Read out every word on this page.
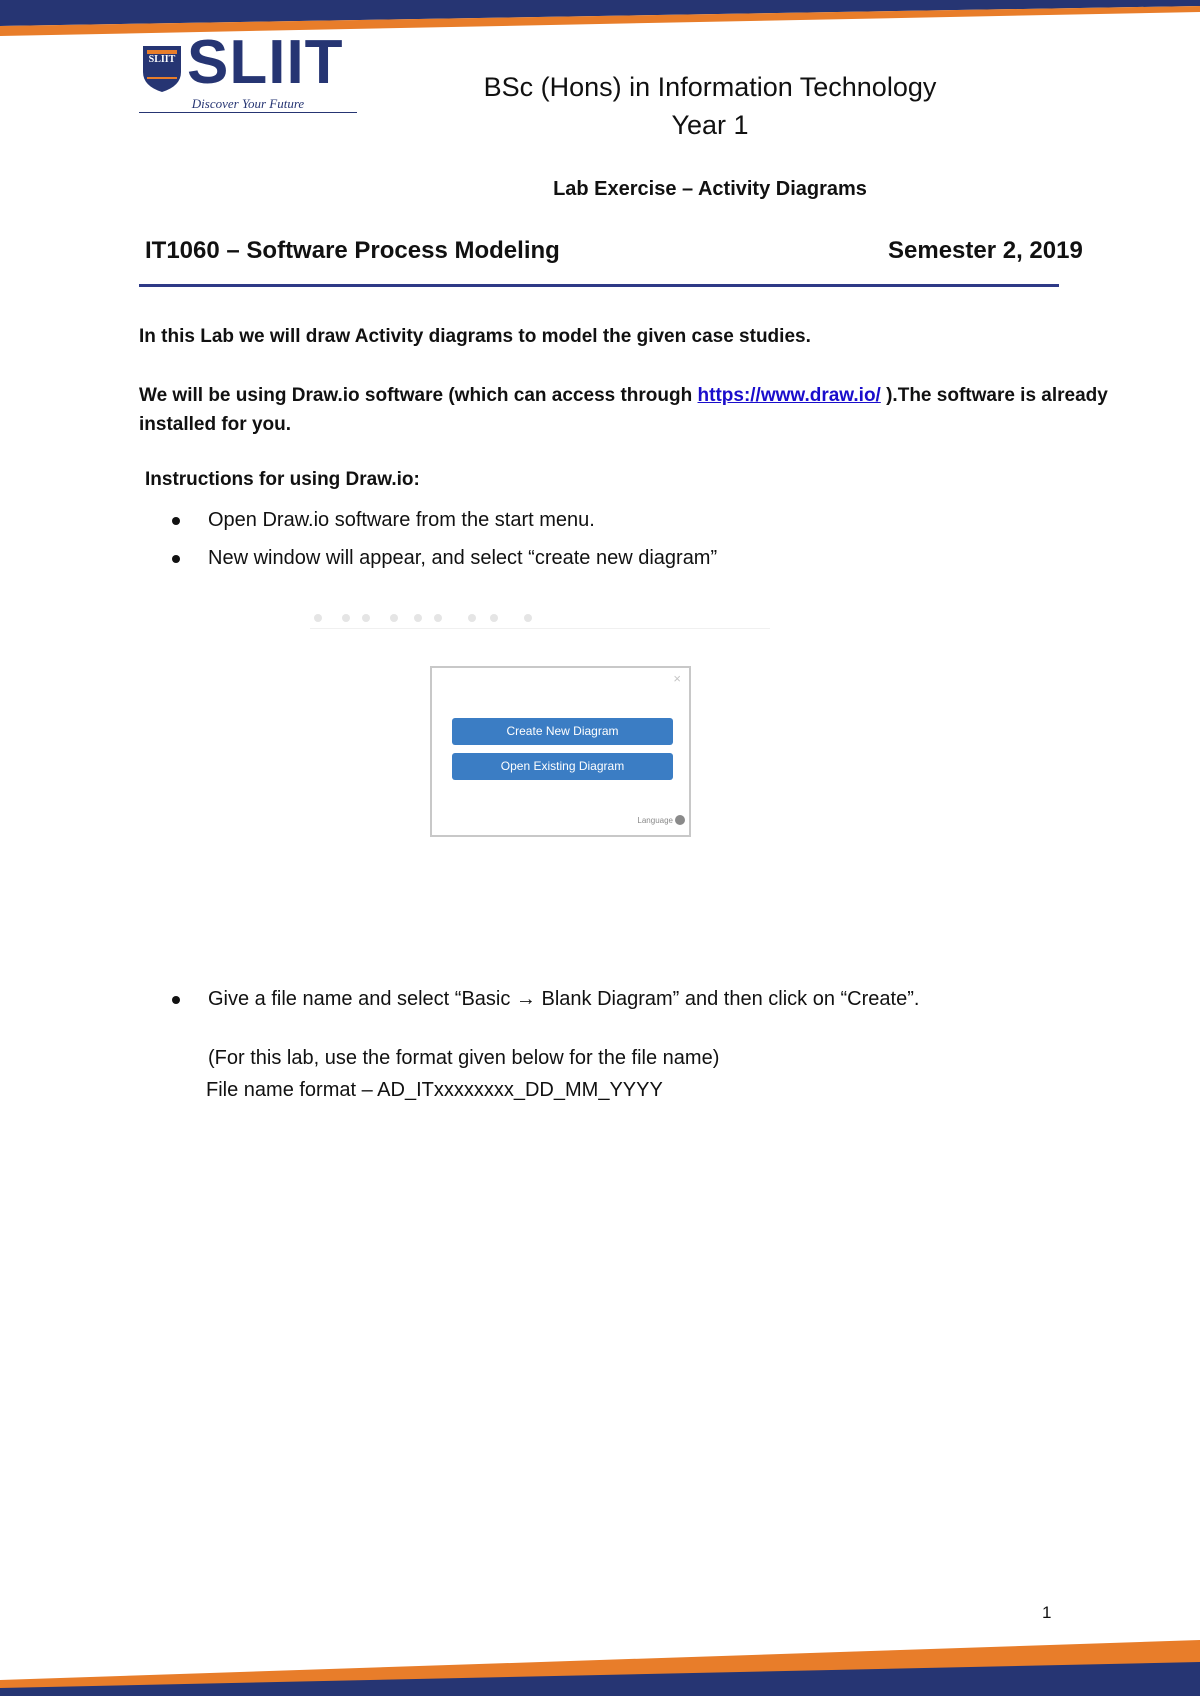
SLIIT SLIIT
Discover Your Future
BSc (Hons) in Information Technology
Year 1
Lab Exercise – Activity Diagrams
IT1060 – Software Process Modeling	Semester 2, 2019
In this Lab we will draw Activity diagrams to model the given case studies.
We will be using Draw.io software (which can access through https://www.draw.io/ ).The software is already installed for you.
Instructions for using Draw.io:
Open Draw.io software from the start menu.
New window will appear, and select “create new diagram”
×
Create New Diagram
Open Existing Diagram
Language
Give a file name and select “Basic → Blank Diagram” and then click on “Create”.
(For this lab, use the format given below for the file name)
File name format – AD_ITxxxxxxxx_DD_MM_YYYY
1
